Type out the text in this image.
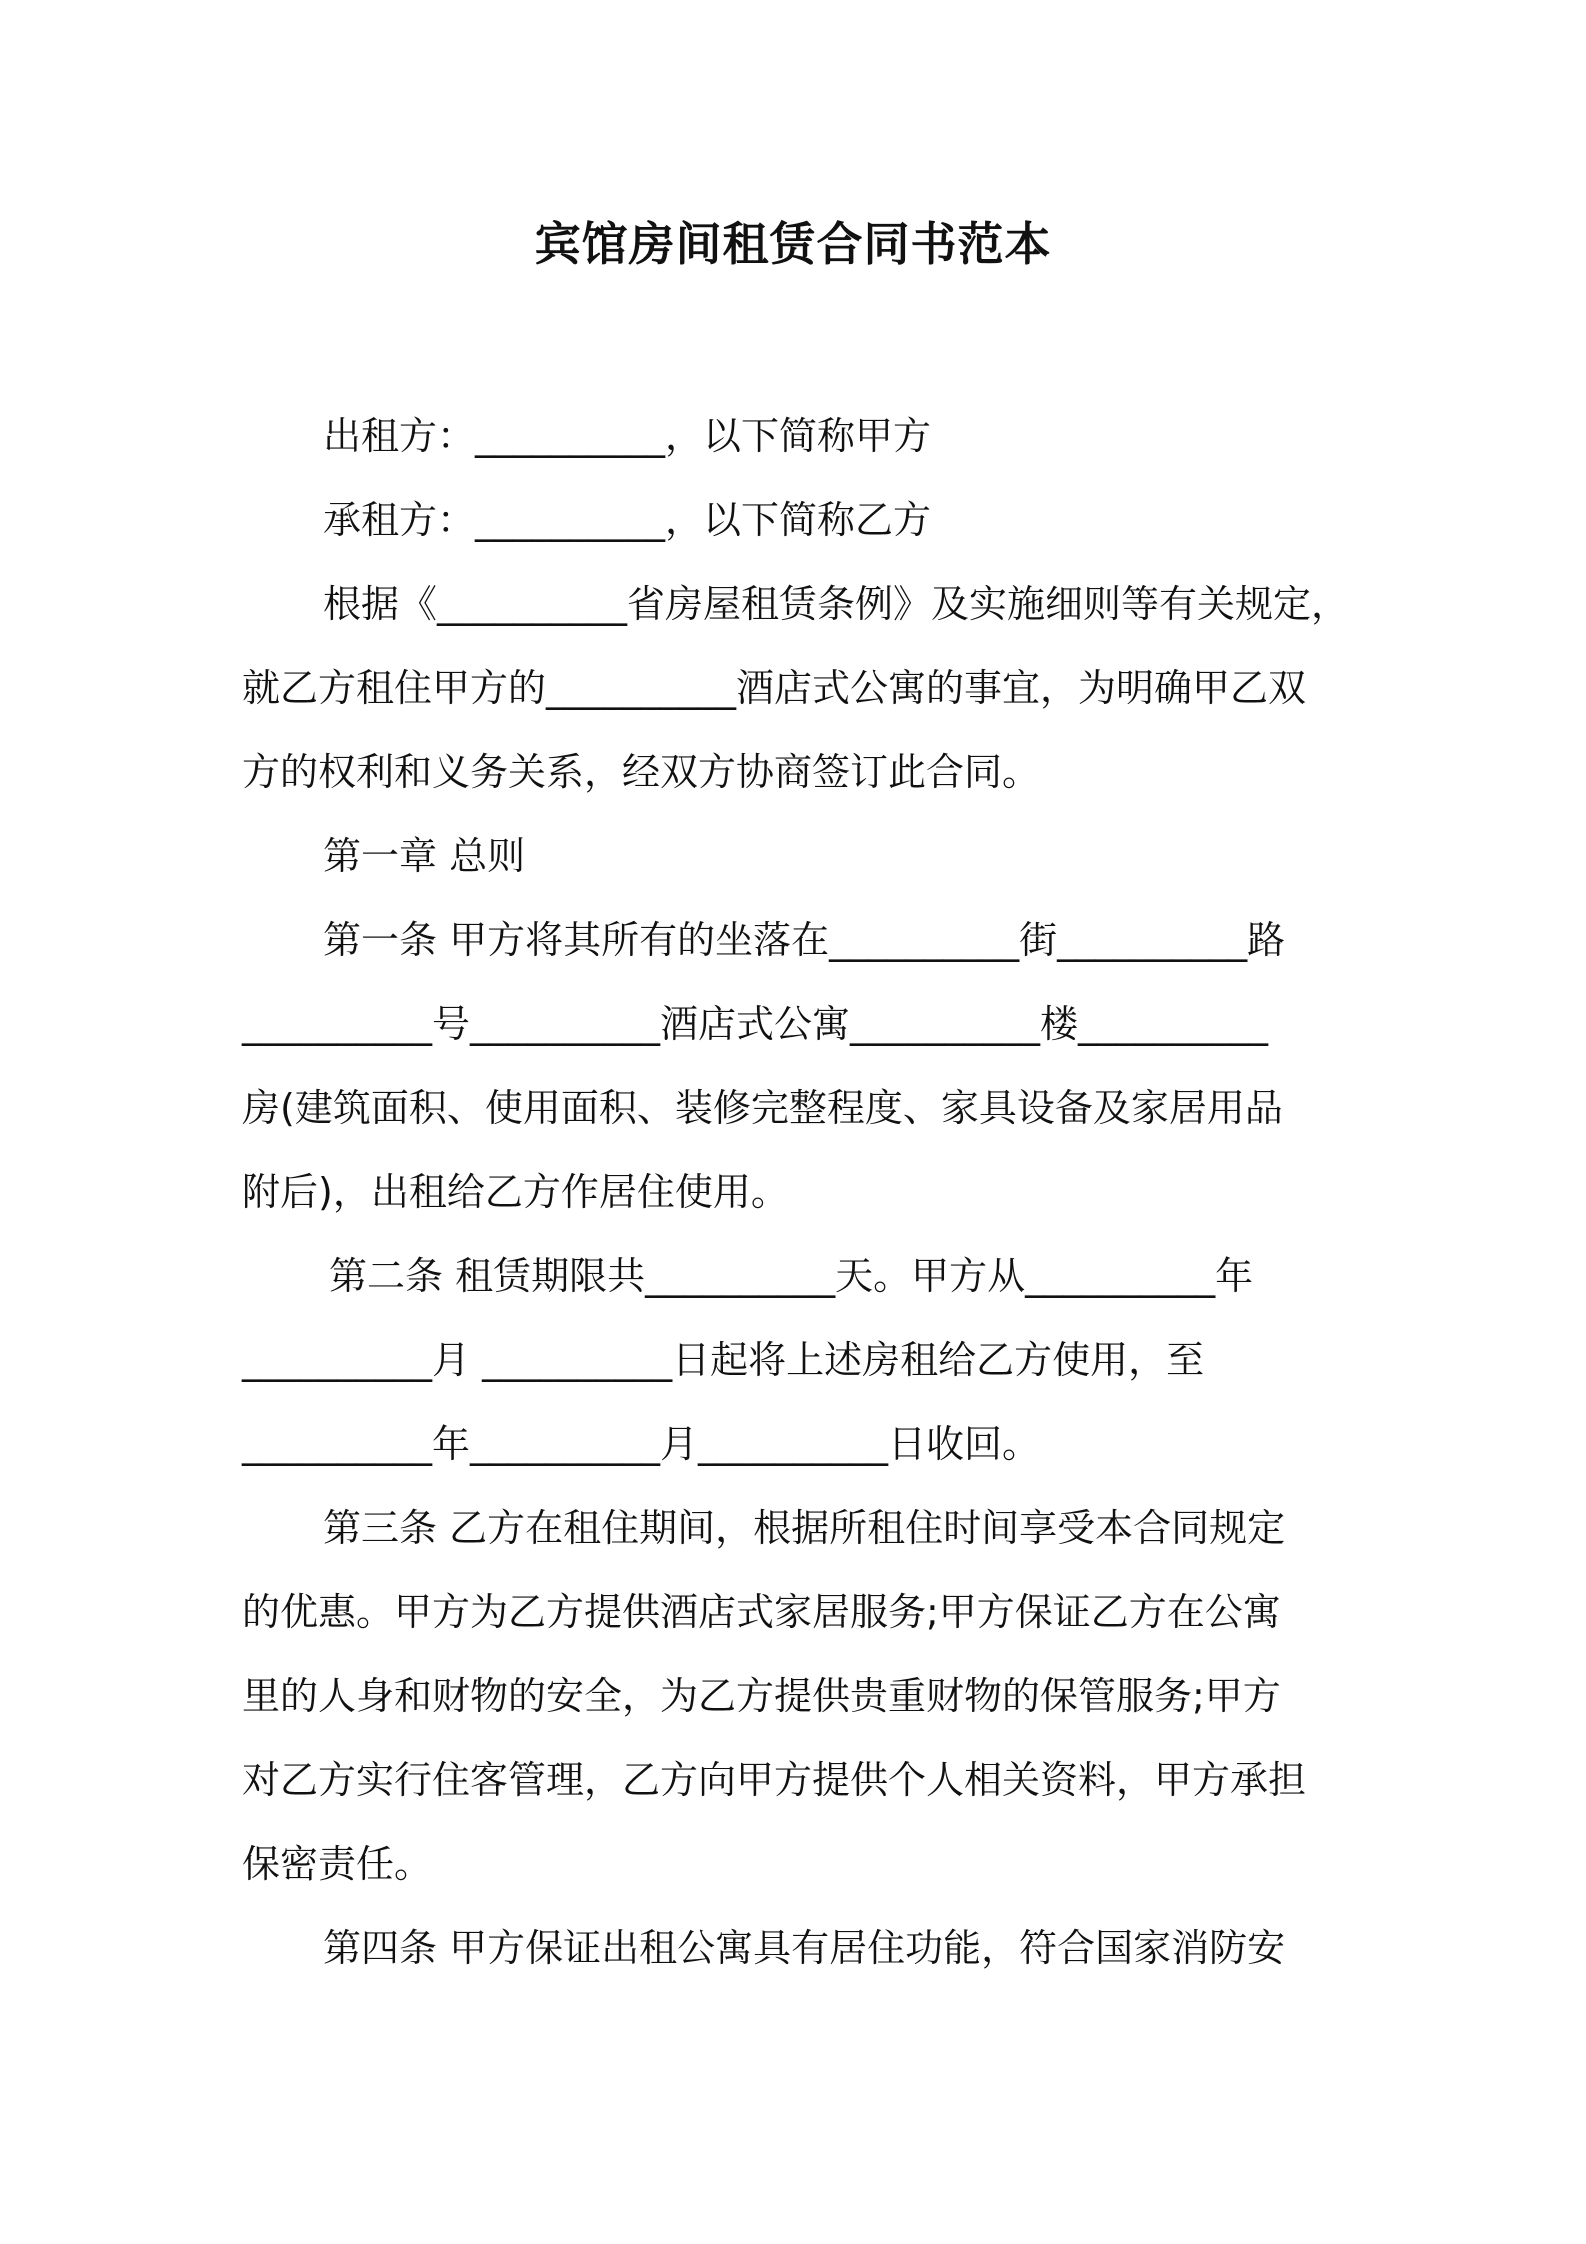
宾馆房间租赁合同书范本
出租方：__________，以下简称甲方
承租方：__________，以下简称乙方
根据《__________省房屋租赁条例》及实施细则等有关规定，
就乙方租住甲方的__________酒店式公寓的事宜，为明确甲乙双
方的权利和义务关系，经双方协商签订此合同。
第一章 总则
第一条 甲方将其所有的坐落在__________街__________路
__________号__________酒店式公寓__________楼__________
房(建筑面积、使用面积、装修完整程度、家具设备及家居用品
附后)，出租给乙方作居住使用。
第二条 租赁期限共__________天。甲方从__________年
__________月 __________日起将上述房租给乙方使用，至
__________年__________月__________日收回。
第三条 乙方在租住期间，根据所租住时间享受本合同规定
的优惠。甲方为乙方提供酒店式家居服务;甲方保证乙方在公寓
里的人身和财物的安全，为乙方提供贵重财物的保管服务;甲方
对乙方实行住客管理，乙方向甲方提供个人相关资料，甲方承担
保密责任。
第四条 甲方保证出租公寓具有居住功能，符合国家消防安
